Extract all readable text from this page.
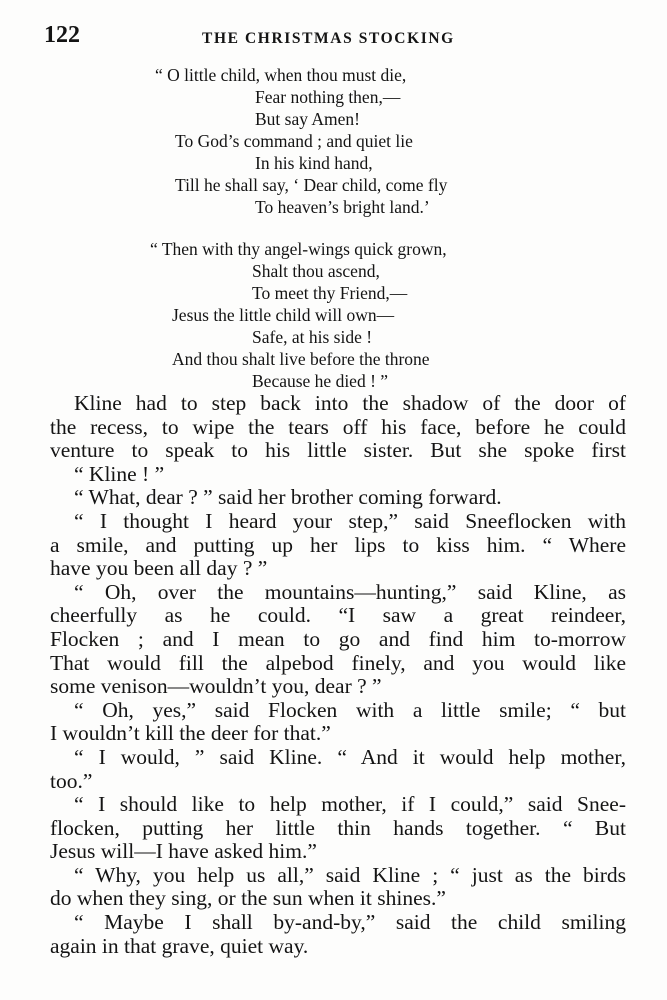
122	THE CHRISTMAS STOCKING
“ O little child, when thou must die,
Fear nothing then,—
But say Amen!
To God’s command ; and quiet lie
In his kind hand,
Till he shall say, ‘ Dear child, come fly
To heaven’s bright land.’
“ Then with thy angel-wings quick grown,
Shalt thou ascend,
To meet thy Friend,—
Jesus the little child will own—
Safe, at his side !
And thou shalt live before the throne
Because he died ! ”
Kline had to step back into the shadow of the door of
the recess, to wipe the tears off his face, before he could
venture to speak to his little sister. But she spoke first
“ Kline ! ”
“ What, dear ? ” said her brother coming forward.
“ I thought I heard your step,” said Sneeflocken with
a smile, and putting up her lips to kiss him. “ Where
have you been all day ? ”
“ Oh, over the mountains—hunting,” said Kline, as
cheerfully as he could. “I saw a great reindeer,
Flocken ; and I mean to go and find him to-morrow
That would fill the alpebod finely, and you would like
some venison—wouldn’t you, dear ? ”
“ Oh, yes,” said Flocken with a little smile; “ but
I wouldn’t kill the deer for that.”
“ I would, ” said Kline. “ And it would help mother,
too.”
“ I should like to help mother, if I could,” said Snee-
flocken, putting her little thin hands together. “ But
Jesus will—I have asked him.”
“ Why, you help us all,” said Kline ; “ just as the birds
do when they sing, or the sun when it shines.”
“ Maybe I shall by-and-by,” said the child smiling
again in that grave, quiet way.
